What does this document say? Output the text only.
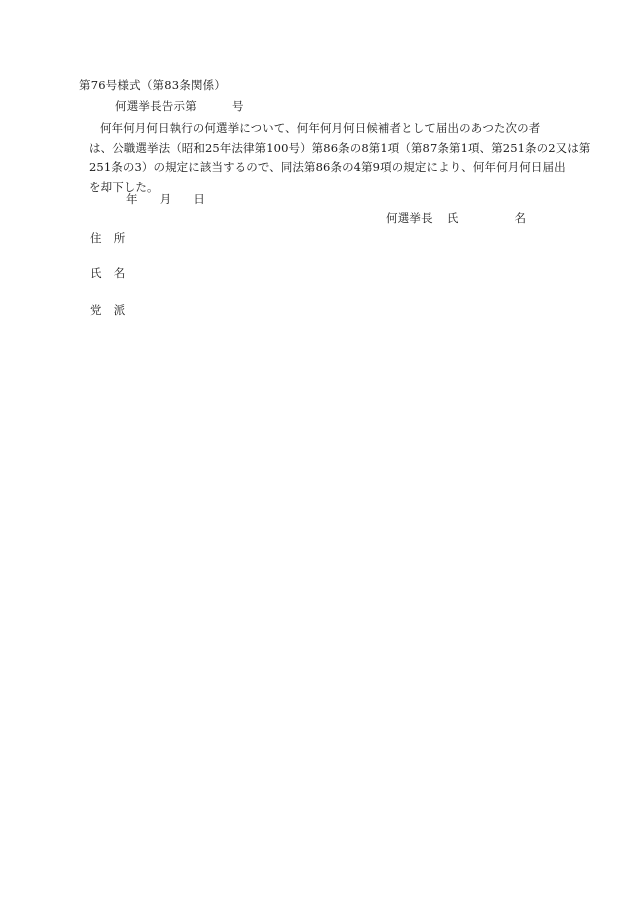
第76号様式（第83条関係）
何選挙長告示第	号
何年何月何日執行の何選挙について、何年何月何日候補者として届出のあつた次の者
は、公職選挙法（昭和25年法律第100号）第86条の8第1項（第87条第1項、第251条の2又は第
251条の3）の規定に該当するので、同法第86条の4第9項の規定により、何年何月何日届出
を却下した。
年 月 日
何選挙長 氏	名
住 所
氏 名
党 派
